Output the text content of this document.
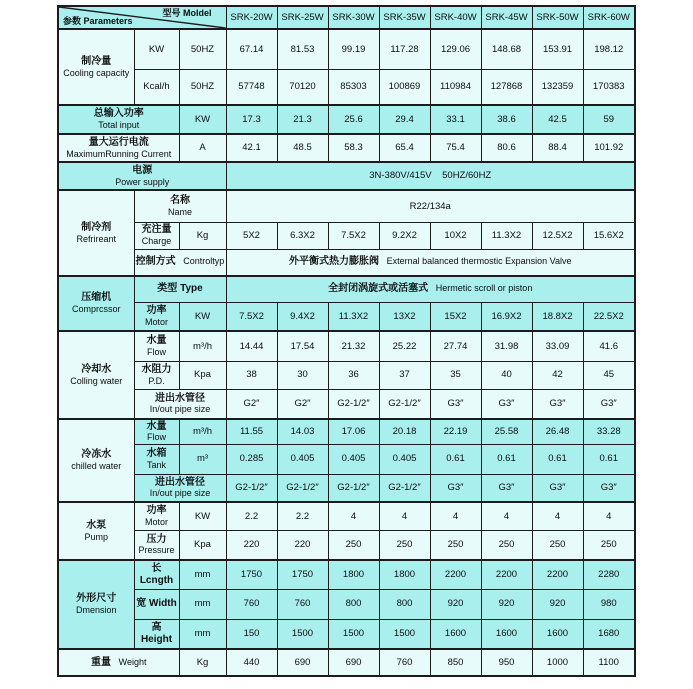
型号 Moldel
参数 Parameters			SRK-20W	SRK-25W	SRK-30W	SRK-35W	SRK-40W	SRK-45W	SRK-50W	SRK-60W

制冷量
Cooling capacity	KW	50HZ	67.14	81.53	99.19	117.28	129.06	148.68	153.91	198.12
	Kcal/h	50HZ	57748	70120	85303	100869	110984	127868	132359	170383

总输入功率
Total input		KW	17.3	21.3	25.6	29.4	33.1	38.6	42.5	59

量大运行电流
MaximumRunning Current		A	42.1	48.5	58.3	65.4	75.4	80.6	88.4	101.92

电源
Power supply			3N-380V/415V    50HZ/60HZ							

制冷剂
Refrireant	名称
Name		R22/134a							

	充注量
Charge	Kg	5X2	6.3X2	7.5X2	9.2X2	10X2	11.3X2	12.5X2	15.6X2
	控制方式 Controltyp		外平衡式热力膨胀阀 External balanced thermostic Expansion Valve							

压缩机
Comprcssor	类型 Type		全封闭涡旋式或活塞式 Hermetic scroll or piston							

	功率
Motor	KW	7.5X2	9.4X2	11.3X2	13X2	15X2	16.9X2	18.8X2	22.5X2

冷却水
Colling water	水量
Flow	m³/h	14.44	17.54	21.32	25.22	27.74	31.98	33.09	41.6

	水阻力
P.D.	Kpa	38	30	36	37	35	40	42	45

	进出水管径
In/out pipe size		G2″	G2″	G2-1/2″	G2-1/2″	G3″	G3″	G3″	G3″

冷冻水
chilled water	水量
Flow	m³/h	11.55	14.03	17.06	20.18	22.19	25.58	26.48	33.28

	水箱
Tank	m³	0.285	0.405	0.405	0.405	0.61	0.61	0.61	0.61

	进出水管径
In/out pipe size		G2-1/2″	G2-1/2″	G2-1/2″	G2-1/2″	G3″	G3″	G3″	G3″

水泵
Pump	功率
Motor	KW	2.2	2.2	4	4	4	4	4	4

	压力
Pressure	Kpa	220	220	250	250	250	250	250	250

外形尺寸
Dmension	长 Lcngth	mm	1750	1750	1800	1800	2200	2200	2200	2280
	宽 Width	mm	760	760	800	800	920	920	920	980
	高 Height	mm	150	1500	1500	1500	1600	1600	1600	1680
重量 Weight		Kg	440	690	690	760	850	950	1000	1100
